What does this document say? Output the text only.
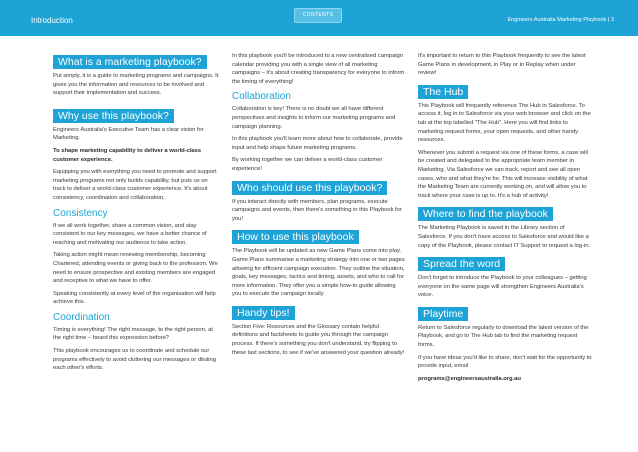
Introduction
CONTENTS
Engineers Australia Marketing Playbook | 3
What is a marketing playbook?

Put simply, it is a guide to marketing programs and campaigns. It gives you the information and resources to be involved and support their implementation and success.

Why use this playbook?

Engineers Australia's Executive Team has a clear vision for Marketing.

To shape marketing capability to deliver a world-class customer experience.

Equipping you with everything you need to promote and support marketing programs not only builds capability, but puts us on track to deliver a world-class customer experience. It's about consistency, coordination and collaboration.

Consistency

If we all work together, share a common vision, and stay consistent to our key messages, we have a better chance of reaching and motivating our audience to take action.

Taking action might mean renewing membership, becoming Chartered, attending events or giving back to the profession. We need to ensure prospective and existing members are engaged and receptive to what we have to offer.

Speaking consistently at every level of the organisation will help achieve this.

Coordination

Timing is everything! The right message, to the right person, at the right time – heard this expression before?

This playbook encourages us to coordinate and schedule our programs effectively to avoid cluttering our messages or diluting each other's efforts.

In this playbook you'll be introduced to a new centralised campaign calendar providing you with a single view of all marketing campaigns – it's about creating transparency for everyone to inform the timing of everything!

Collaboration

Collaboration is key! There is no doubt we all have different perspectives and insights to inform our marketing programs and campaign planning.

In this playbook you'll learn more about how to collaborate, provide input and help shape future marketing programs.

By working together we can deliver a world-class customer experience!

Who should use this playbook?

If you interact directly with members, plan programs, execute campaigns and events, then there's something in this Playbook for you!

How to use this playbook

The Playbook will be updated as new Game Plans come into play. Game Plans summarise a marketing strategy into one or two pages allowing for efficient campaign execution. They outline the situation, goals, key messages, tactics and timing, assets, and who to call for more information. They offer you a simple how-to guide allowing you to execute the campaign locally.

Handy tips!

Section Five: Resources and the Glossary contain helpful definitions and factsheets to guide you through the campaign process. If there's something you don't understand, try flipping to these last sections, to see if we've answered your question already!

It's important to return to this Playbook frequently to see the latest Game Plans in development, in Play or in Replay when under review!

The Hub

This Playbook will frequently reference The Hub in Salesforce. To access it, log in to Salesforce via your web browser and click on the tab at the top labelled "The Hub". Here you will find links to marketing request forms, your open requests, and other handy resources.

Whenever you submit a request via one of these forms, a case will be created and delegated to the appropriate team member in Marketing. Via Salesforce we can track, report and see all open cases, who and what they're for. This will increase visibility of what the Marketing Team are currently working on, and will allow you to track where your case is up to. It's a hub of activity!

Where to find the playbook

The Marketing Playbook is saved in the Library section of Salesforce. If you don't have access to Salesforce and would like a copy of the Playbook, please contact IT Support to request a log-in.

Spread the word

Don't forget to introduce the Playbook to your colleagues – getting everyone on the same page will strengthen Engineers Australia's voice.

Playtime

Return to Salesforce regularly to download the latest version of the Playbook, and go to The Hub tab to find the marketing request forms.

If you have ideas you'd like to share, don't wait for the opportunity to provide input, email

programs@engineersaustralia.org.au
